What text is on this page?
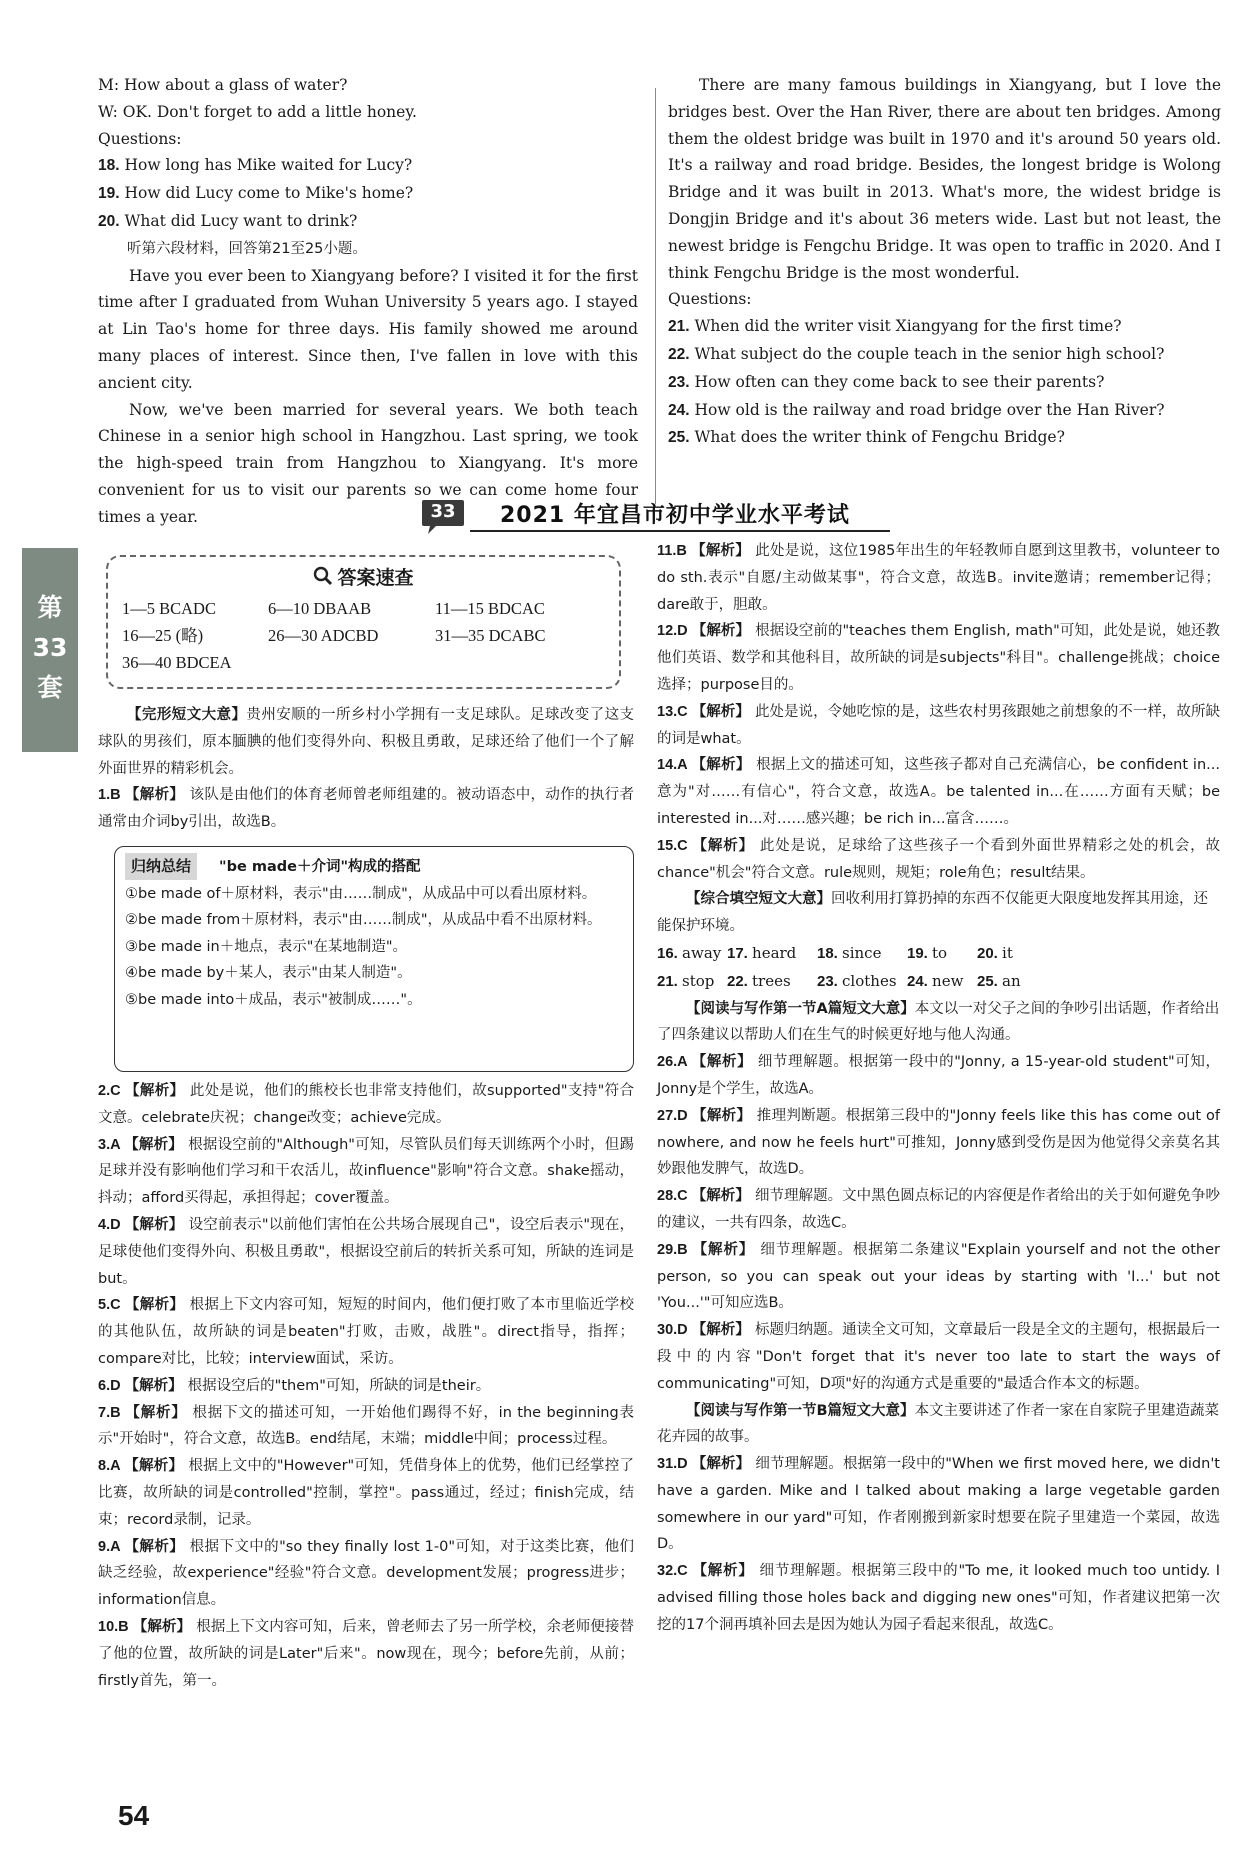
M: How about a glass of water?

W: OK. Don't forget to add a little honey.

Questions:

18. How long has Mike waited for Lucy?

19. How did Lucy come to Mike's home?

20. What did Lucy want to drink?

听第六段材料，回答第21至25小题。

Have you ever been to Xiangyang before? I visited it for the first time after I graduated from Wuhan University 5 years ago. I stayed at Lin Tao's home for three days. His family showed me around many places of interest. Since then, I've fallen in love with this ancient city.

Now, we've been married for several years. We both teach Chinese in a senior high school in Hangzhou. Last spring, we took the high-speed train from Hangzhou to Xiangyang. It's more convenient for us to visit our parents so we can come home four times a year.

There are many famous buildings in Xiangyang, but I love the bridges best. Over the Han River, there are about ten bridges. Among them the oldest bridge was built in 1970 and it's around 50 years old. It's a railway and road bridge. Besides, the longest bridge is Wolong Bridge and it was built in 2013. What's more, the widest bridge is Dongjin Bridge and it's about 36 meters wide. Last but not least, the newest bridge is Fengchu Bridge. It was open to traffic in 2020. And I think Fengchu Bridge is the most wonderful.

Questions:

21. When did the writer visit Xiangyang for the first time?

22. What subject do the couple teach in the senior high school?

23. How often can they come back to see their parents?

24. How old is the railway and road bridge over the Han River?

25. What does the writer think of Fengchu Bridge?

33 2021 年宜昌市初中学业水平考试
第
33
套
答案速查
1—5 BCADC	6—10 DBAAB	11—15 BDCAC
16—25 (略)	26—30 ADCBD	31—35 DCABC
36—40 BDCEA

【完形短文大意】贵州安顺的一所乡村小学拥有一支足球队。足球改变了这支球队的男孩们，原本腼腆的他们变得外向、积极且勇敢，足球还给了他们一个了解外面世界的精彩机会。

1.B 【解析】 该队是由他们的体育老师曾老师组建的。被动语态中，动作的执行者通常由介词by引出，故选B。

归纳总结 "be made＋介词"构成的搭配
①be made of＋原材料，表示"由……制成"，从成品中可以看出原材料。
②be made from＋原材料，表示"由……制成"，从成品中看不出原材料。
③be made in＋地点，表示"在某地制造"。
④be made by＋某人，表示"由某人制造"。
⑤be made into＋成品，表示"被制成……"。

2.C 【解析】 此处是说，他们的熊校长也非常支持他们，故supported"支持"符合文意。celebrate庆祝；change改变；achieve完成。

3.A 【解析】 根据设空前的"Although"可知，尽管队员们每天训练两个小时，但踢足球并没有影响他们学习和干农活儿，故influence"影响"符合文意。shake摇动，抖动；afford买得起，承担得起；cover覆盖。

4.D 【解析】 设空前表示"以前他们害怕在公共场合展现自己"，设空后表示"现在，足球使他们变得外向、积极且勇敢"，根据设空前后的转折关系可知，所缺的连词是but。

5.C 【解析】 根据上下文内容可知，短短的时间内，他们便打败了本市里临近学校的其他队伍，故所缺的词是beaten"打败，击败，战胜"。direct指导，指挥；compare对比，比较；interview面试，采访。

6.D 【解析】 根据设空后的"them"可知，所缺的词是their。

7.B 【解析】 根据下文的描述可知，一开始他们踢得不好，in the beginning表示"开始时"，符合文意，故选B。end结尾，末端；middle中间；process过程。

8.A 【解析】 根据上文中的"However"可知，凭借身体上的优势，他们已经掌控了比赛，故所缺的词是controlled"控制，掌控"。pass通过，经过；finish完成，结束；record录制，记录。

9.A 【解析】 根据下文中的"so they finally lost 1-0"可知，对于这类比赛，他们缺乏经验，故experience"经验"符合文意。development发展；progress进步；information信息。

10.B 【解析】 根据上下文内容可知，后来，曾老师去了另一所学校，余老师便接替了他的位置，故所缺的词是Later"后来"。now现在，现今；before先前，从前；firstly首先，第一。

11.B 【解析】 此处是说，这位1985年出生的年轻教师自愿到这里教书，volunteer to do sth.表示"自愿/主动做某事"，符合文意，故选B。invite邀请；remember记得；dare敢于，胆敢。

12.D 【解析】 根据设空前的"teaches them English, math"可知，此处是说，她还教他们英语、数学和其他科目，故所缺的词是subjects"科目"。challenge挑战；choice选择；purpose目的。

13.C 【解析】 此处是说，令她吃惊的是，这些农村男孩跟她之前想象的不一样，故所缺的词是what。

14.A 【解析】 根据上文的描述可知，这些孩子都对自己充满信心，be confident in...意为"对……有信心"，符合文意，故选A。be talented in...在……方面有天赋；be interested in...对……感兴趣；be rich in...富含……。

15.C 【解析】 此处是说，足球给了这些孩子一个看到外面世界精彩之处的机会，故chance"机会"符合文意。rule规则，规矩；role角色；result结果。

【综合填空短文大意】回收利用打算扔掉的东西不仅能更大限度地发挥其用途，还能保护环境。

16. away 17. heard 18. since 19. to 20. it
21. stop 22. trees 23. clothes 24. new 25. an

【阅读与写作第一节A篇短文大意】本文以一对父子之间的争吵引出话题，作者给出了四条建议以帮助人们在生气的时候更好地与他人沟通。

26.A 【解析】 细节理解题。根据第一段中的"Jonny, a 15-year-old student"可知，Jonny是个学生，故选A。

27.D 【解析】 推理判断题。根据第三段中的"Jonny feels like this has come out of nowhere, and now he feels hurt"可推知，Jonny感到受伤是因为他觉得父亲莫名其妙跟他发脾气，故选D。

28.C 【解析】 细节理解题。文中黑色圆点标记的内容便是作者给出的关于如何避免争吵的建议，一共有四条，故选C。

29.B 【解析】 细节理解题。根据第二条建议"Explain yourself and not the other person, so you can speak out your ideas by starting with 'I...' but not 'You...'"可知应选B。

30.D 【解析】 标题归纳题。通读全文可知，文章最后一段是全文的主题句，根据最后一段中的内容"Don't forget that it's never too late to start the ways of communicating"可知，D项"好的沟通方式是重要的"最适合作本文的标题。

【阅读与写作第一节B篇短文大意】本文主要讲述了作者一家在自家院子里建造蔬菜花卉园的故事。

31.D 【解析】 细节理解题。根据第一段中的"When we first moved here, we didn't have a garden. Mike and I talked about making a large vegetable garden somewhere in our yard"可知，作者刚搬到新家时想要在院子里建造一个菜园，故选D。

32.C 【解析】 细节理解题。根据第三段中的"To me, it looked much too untidy. I advised filling those holes back and digging new ones"可知，作者建议把第一次挖的17个洞再填补回去是因为她认为园子看起来很乱，故选C。

54
